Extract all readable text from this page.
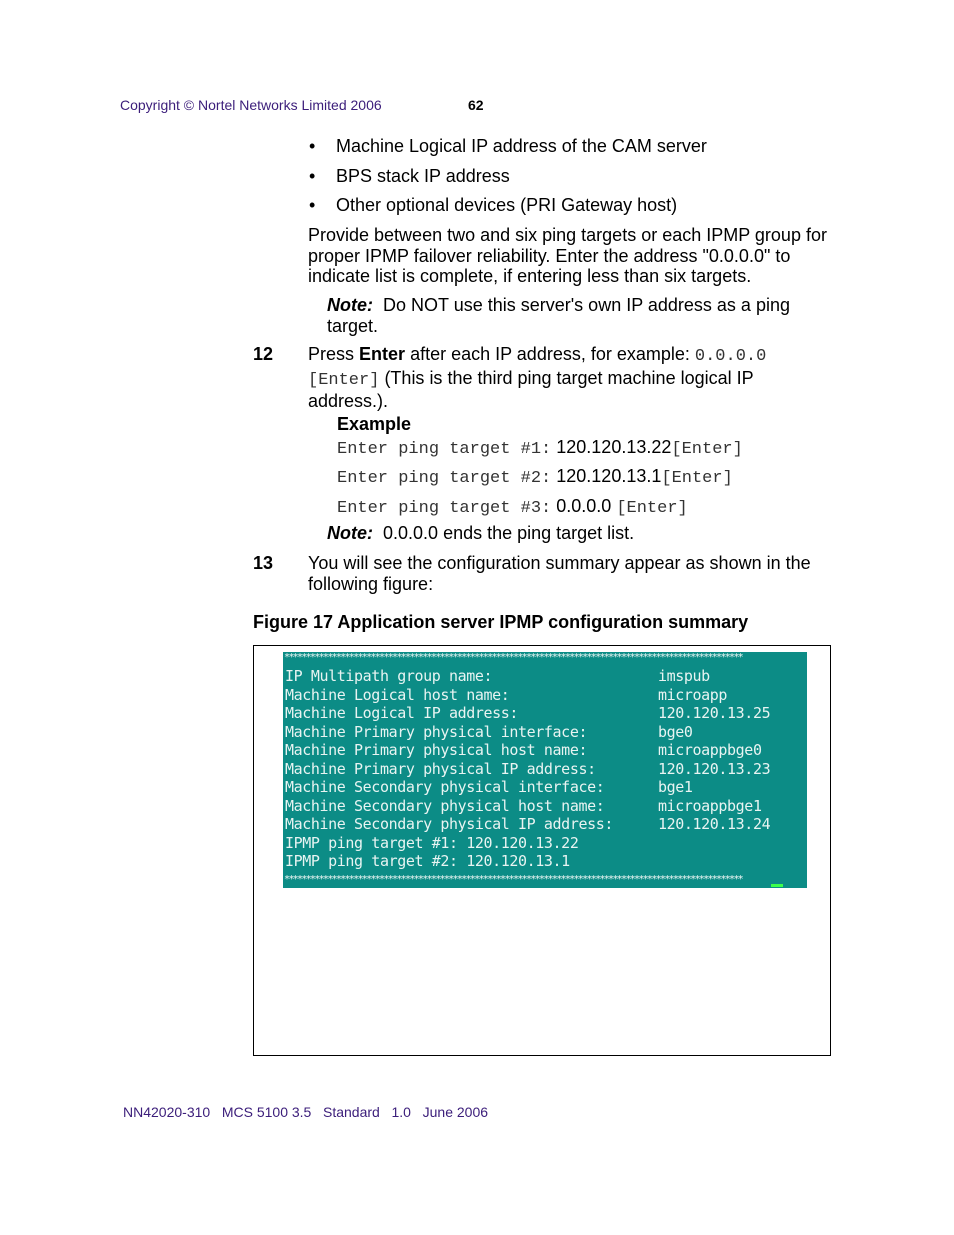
Copyright © Nortel Networks Limited 2006	62
• Machine Logical IP address of the CAM server
• BPS stack IP address
• Other optional devices (PRI Gateway host)
Provide between two and six ping targets or each IPMP group for proper IPMP failover reliability. Enter the address "0.0.0.0" to indicate list is complete, if entering less than six targets.
Note: Do NOT use this server's own IP address as a ping target.
12 Press Enter after each IP address, for example: 0.0.0.0 [Enter] (This is the third ping target machine logical IP address.).
Example
Enter ping target #1: 120.120.13.22[Enter]
Enter ping target #2: 120.120.13.1[Enter]
Enter ping target #3: 0.0.0.0 [Enter]
Note: 0.0.0.0 ends the ping target list.
13 You will see the configuration summary appear as shown in the following figure:
Figure 17 Application server IPMP configuration summary
**********************************************************************************************************
IP Multipath group name:	imspub
Machine Logical host name:	microapp
Machine Logical IP address:	120.120.13.25
Machine Primary physical interface:	bge0
Machine Primary physical host name:	microappbge0
Machine Primary physical IP address:	120.120.13.23
Machine Secondary physical interface:	bge1
Machine Secondary physical host name:	microappbge1
Machine Secondary physical IP address:	120.120.13.24
IPMP ping target #1: 120.120.13.22
IPMP ping target #2: 120.120.13.1
**********************************************************************************************************
NN42020-310   MCS 5100 3.5   Standard   1.0   June 2006
